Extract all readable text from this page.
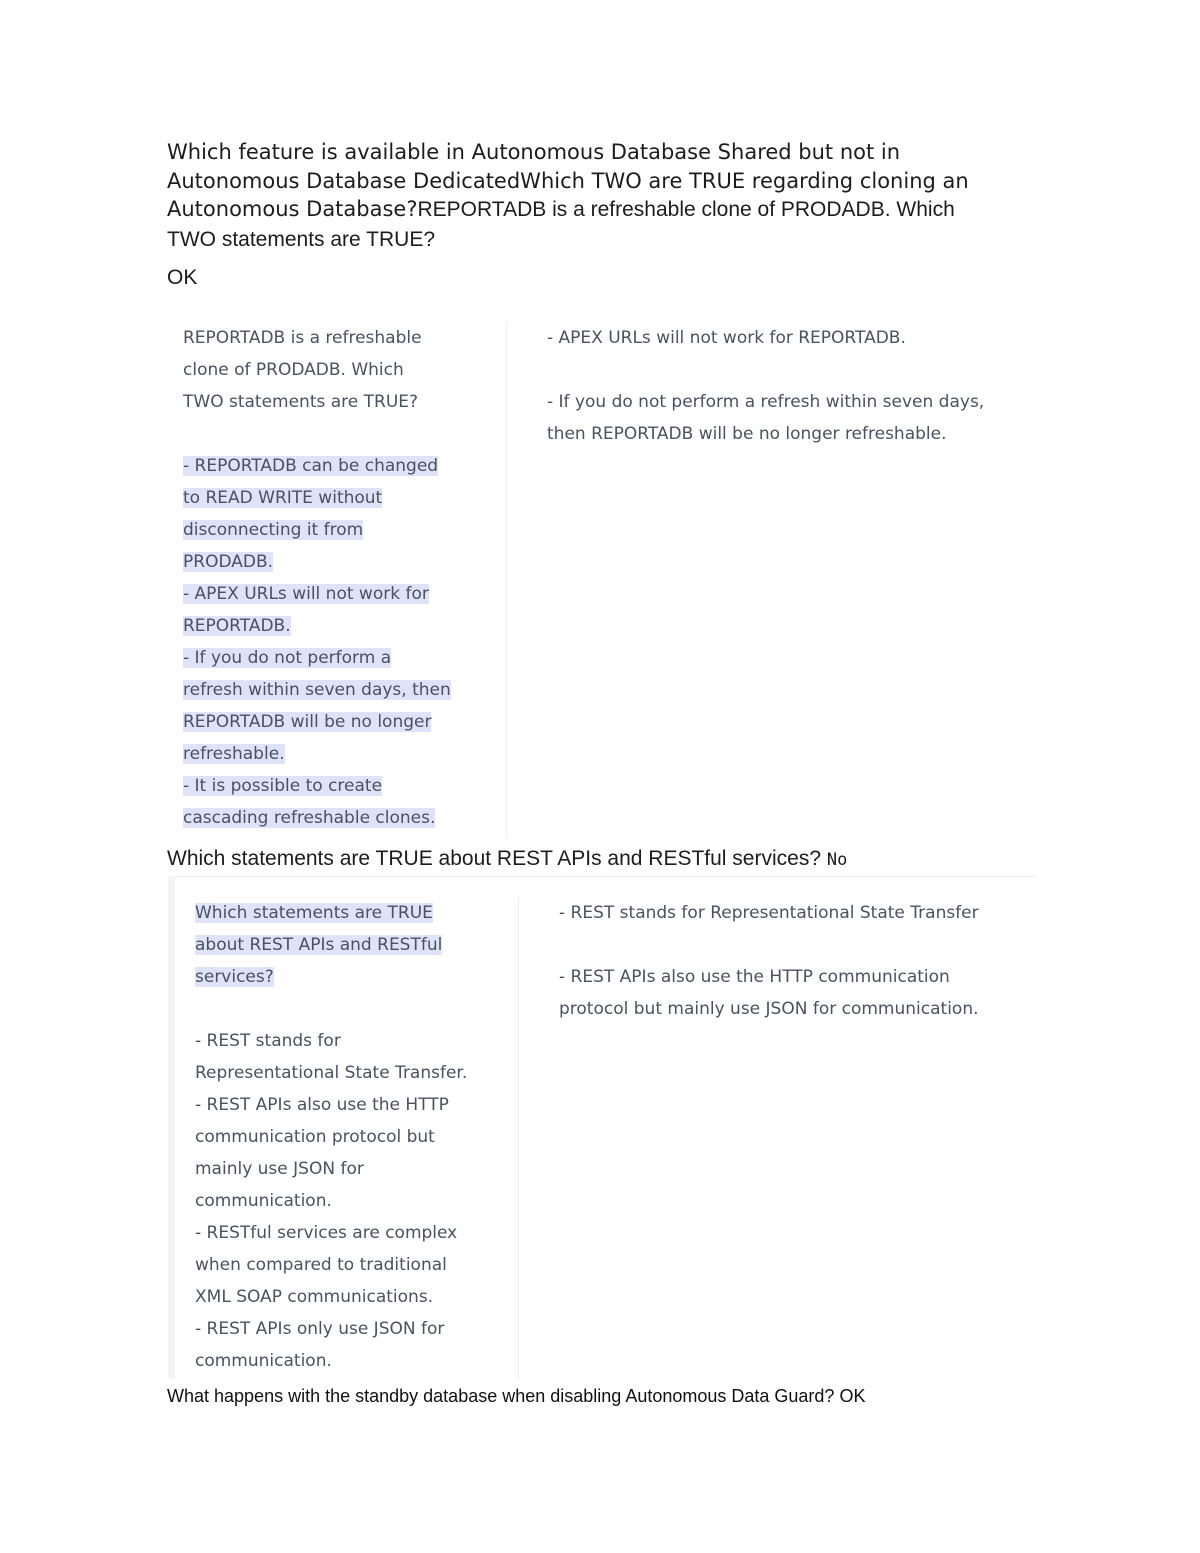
Which feature is available in Autonomous Database Shared but not in
Autonomous Database DedicatedWhich TWO are TRUE regarding cloning an
Autonomous Database?REPORTADB is a refreshable clone of PRODADB. Which
TWO statements are TRUE?

OK
REPORTADB is a refreshable
clone of PRODADB. Which
TWO statements are TRUE?
- REPORTADB can be changed
to READ WRITE without
disconnecting it from
PRODADB.
- APEX URLs will not work for
REPORTADB.
- If you do not perform a
refresh within seven days, then
REPORTADB will be no longer
refreshable.
- It is possible to create
cascading refreshable clones.
- APEX URLs will not work for REPORTADB.
- If you do not perform a refresh within seven days,
then REPORTADB will be no longer refreshable.
Which statements are TRUE about REST APIs and RESTful services? No
Which statements are TRUE
about REST APIs and RESTful
services?
- REST stands for
Representational State Transfer.
- REST APIs also use the HTTP
communication protocol but
mainly use JSON for
communication.
- RESTful services are complex
when compared to traditional
XML SOAP communications.
- REST APIs only use JSON for
communication.
- REST stands for Representational State Transfer
- REST APIs also use the HTTP communication
protocol but mainly use JSON for communication.
What happens with the standby database when disabling Autonomous Data Guard? OK
